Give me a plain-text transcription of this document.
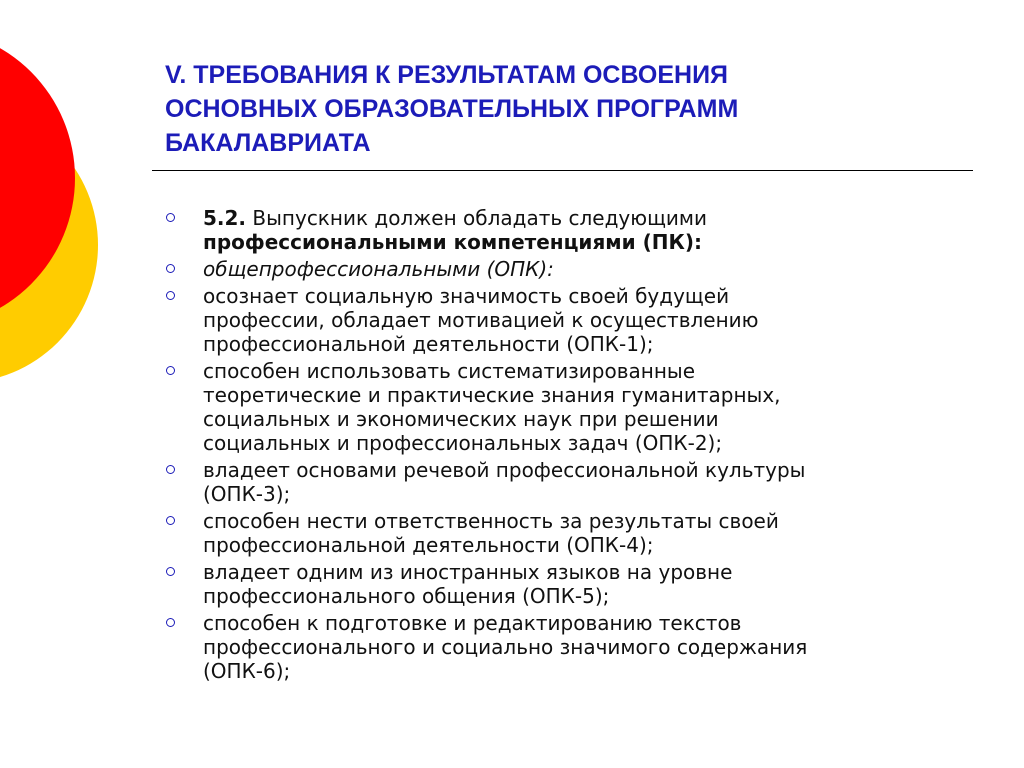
V. ТРЕБОВАНИЯ К РЕЗУЛЬТАТАМ ОСВОЕНИЯ
ОСНОВНЫХ ОБРАЗОВАТЕЛЬНЫХ ПРОГРАММ
БАКАЛАВРИАТА
5.2. Выпускник должен обладать следующими
профессиональными компетенциями (ПК):
общепрофессиональными (ОПК):
осознает социальную значимость своей будущей
профессии, обладает мотивацией к осуществлению
профессиональной деятельности (ОПК-1);
способен использовать систематизированные
теоретические и практические знания гуманитарных,
социальных и экономических наук при решении
социальных и профессиональных задач (ОПК-2);
владеет основами речевой профессиональной культуры
(ОПК-3);
способен нести ответственность за результаты своей
профессиональной деятельности (ОПК-4);
владеет одним из иностранных языков на уровне
профессионального общения (ОПК-5);
способен к подготовке и редактированию текстов
профессионального и социально значимого содержания
(ОПК-6);
